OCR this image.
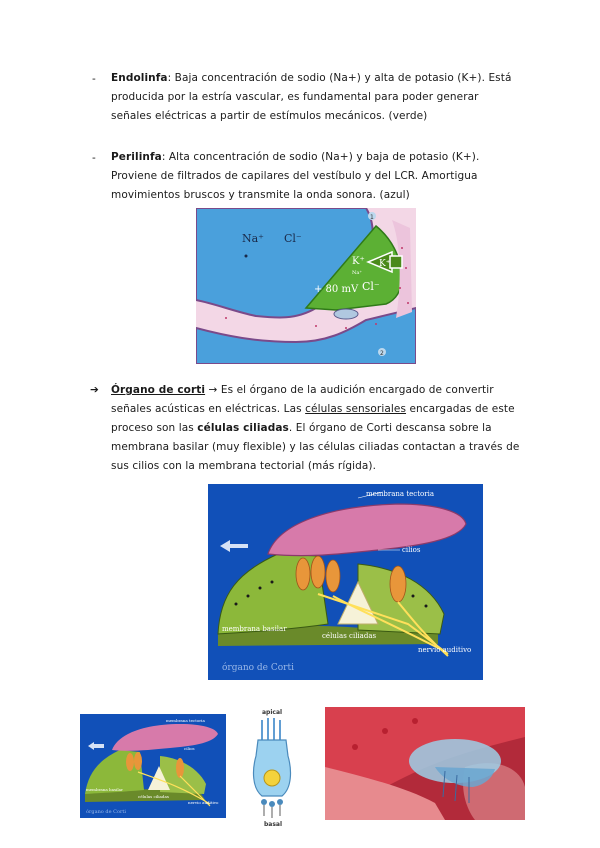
- Endolinfa: Baja concentración de sodio (Na+) y alta de potasio (K+). Está producida por la estría vascular, es fundamental para poder generar señales eléctricas a partir de estímulos mecánicos. (verde)
- Perilinfa: Alta concentración de sodio (Na+) y baja de potasio (K+). Proviene de filtrados de capilares del vestíbulo y del LCR. Amortigua movimientos bruscos y transmite la onda sonora. (azul)
Na⁺ Cl⁻
K⁺
Na⁺
K⁺
+ 80 mV Cl⁻
1
2
➔	Órgano de corti → Es el órgano de la audición encargado de convertir señales acústicas en eléctricas. Las células sensoriales encargadas de este proceso son las células ciliadas. El órgano de Corti descansa sobre la membrana basilar (muy flexible) y las células ciliadas contactan a través de sus cilios con la membrana tectorial (más rígida).
membrana tectoria
cilios
membrana basilar
células ciliadas
nervio auditivo
órgano de Corti
membrana tectoria
cilios
membrana basilar
células ciliadas
nervio auditivo
órgano de Corti
apical
basal
